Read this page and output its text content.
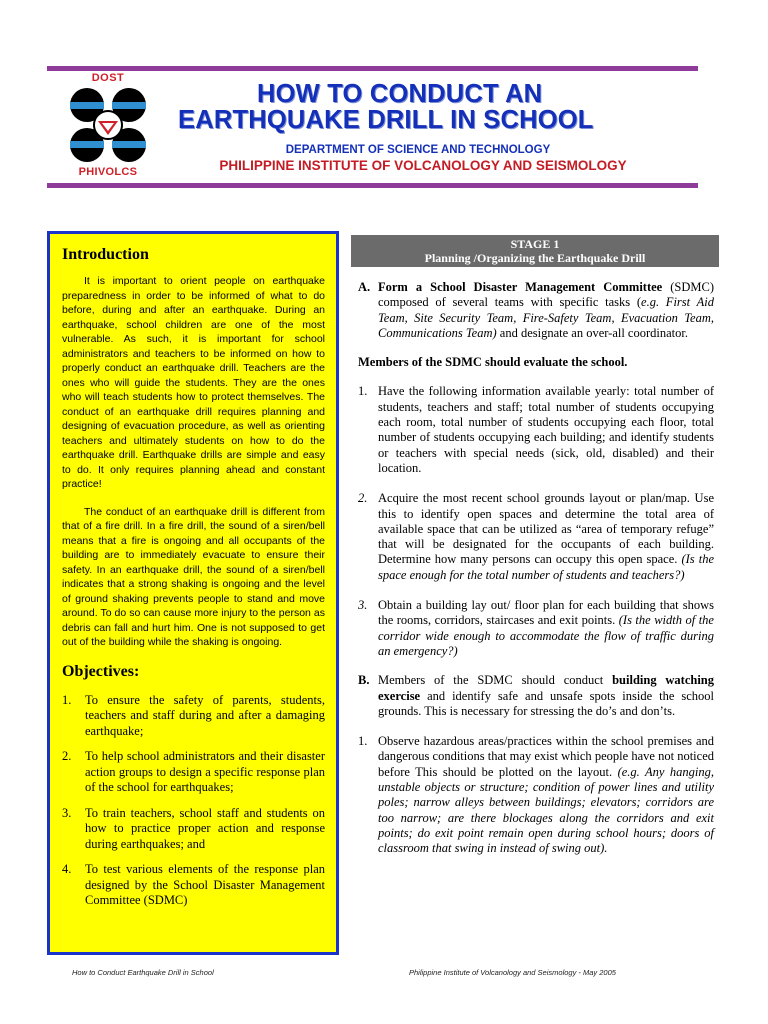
DOST
PHIVOLCS
HOW TO CONDUCT AN
EARTHQUAKE DRILL IN SCHOOL
DEPARTMENT OF SCIENCE AND TECHNOLOGY
PHILIPPINE INSTITUTE OF VOLCANOLOGY AND SEISMOLOGY
Introduction

It is important to orient people on earthquake preparedness in order to be informed of what to do before, during and after an earthquake. During an earthquake, school children are one of the most vulnerable. As such, it is important for school administrators and teachers to be informed on how to properly conduct an earthquake drill. Teachers are the ones who will guide the students. They are the ones who will teach students how to protect themselves. The conduct of an earthquake drill requires planning and designing of evacuation procedure, as well as orienting teachers and ultimately students on how to do the earthquake drill. Earthquake drills are simple and easy to do. It only requires planning ahead and constant practice!

The conduct of an earthquake drill is different from that of a fire drill. In a fire drill, the sound of a siren/bell means that a fire is ongoing and all occupants of the building are to immediately evacuate to ensure their safety. In an earthquake drill, the sound of a siren/bell indicates that a strong shaking is ongoing and the level of ground shaking prevents people to stand and move around. To do so can cause more injury to the person as debris can fall and hurt him. One is not supposed to get out of the building while the shaking is ongoing.

Objectives:
1. To ensure the safety of parents, students, teachers and staff during and after a damaging earthquake;
2. To help school administrators and their disaster action groups to design a specific response plan of the school for earthquakes;
3. To train teachers, school staff and students on how to practice proper action and response during earthquakes; and
4. To test various elements of the response plan designed by the School Disaster Management Committee (SDMC)
STAGE 1
Planning /Organizing the Earthquake Drill
A. Form a School Disaster Management Committee (SDMC) composed of several teams with specific tasks (e.g. First Aid Team, Site Security Team, Fire-Safety Team, Evacuation Team, Communications Team) and designate an over-all coordinator.

Members of the SDMC should evaluate the school.

1. Have the following information available yearly: total number of students, teachers and staff; total number of students occupying each room, total number of students occupying each floor, total number of students occupying each building; and identify students or teachers with special needs (sick, old, disabled) and their location.
2. Acquire the most recent school grounds layout or plan/map. Use this to identify open spaces and determine the total area of available space that can be utilized as “area of temporary refuge” that will be designated for the occupants of each building. Determine how many persons can occupy this open space. (Is the space enough for the total number of students and teachers?)
3. Obtain a building lay out/ floor plan for each building that shows the rooms, corridors, staircases and exit points. (Is the width of the corridor wide enough to accommodate the flow of traffic during an emergency?)
B. Members of the SDMC should conduct building watching exercise and identify safe and unsafe spots inside the school grounds. This is necessary for stressing the do’s and don’ts.
1. Observe hazardous areas/practices within the school premises and dangerous conditions that may exist which people have not noticed before This should be plotted on the layout. (e.g. Any hanging, unstable objects or structure; condition of power lines and utility poles; narrow alleys between buildings; elevators; corridors are too narrow; are there blockages along the corridors and exit points; do exit point remain open during school hours; doors of classroom that swing in instead of swing out).
How to Conduct Earthquake Drill in School	Philippine Institute of Volcanology and Seismology - May 2005
